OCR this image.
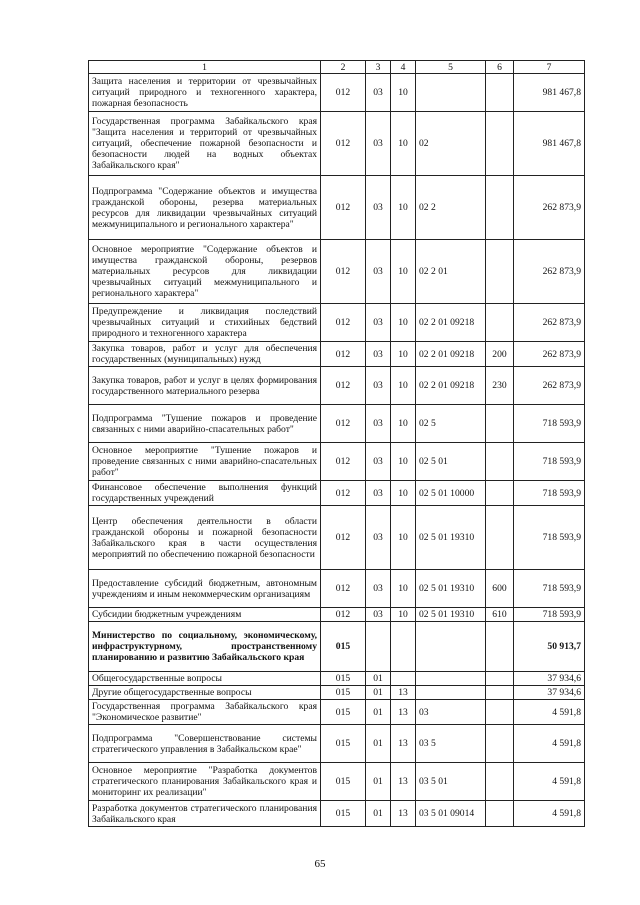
1	2	3	4	5	6	7
Защита населения и территории от чрезвычайных ситуаций природного и техногенного характера, пожарная безопасность	012	03	10			981 467,8
Государственная программа Забайкальского края "Защита населения и территорий от чрезвычайных ситуаций, обеспечение пожарной безопасности и безопасности людей на водных объектах Забайкальского края"	012	03	10	02		981 467,8
Подпрограмма "Содержание объектов и имущества гражданской обороны, резерва материальных ресурсов для ликвидации чрезвычайных ситуаций межмуниципального и регионального характера"	012	03	10	02 2		262 873,9
Основное мероприятие "Содержание объектов и имущества гражданской обороны, резервов материальных ресурсов для ликвидации чрезвычайных ситуаций межмуниципального и регионального характера"	012	03	10	02 2 01		262 873,9
Предупреждение и ликвидация последствий чрезвычайных ситуаций и стихийных бедствий природного и техногенного характера	012	03	10	02 2 01 09218		262 873,9
Закупка товаров, работ и услуг для обеспечения государственных (муниципальных) нужд	012	03	10	02 2 01 09218	200	262 873,9
Закупка товаров, работ и услуг в целях формирования государственного материального резерва	012	03	10	02 2 01 09218	230	262 873,9
Подпрограмма "Тушение пожаров и проведение связанных с ними аварийно-спасательных работ"	012	03	10	02 5		718 593,9
Основное мероприятие "Тушение пожаров и проведение связанных с ними аварийно-спасательных работ"	012	03	10	02 5 01		718 593,9
Финансовое обеспечение выполнения функций государственных учреждений	012	03	10	02 5 01 10000		718 593,9
Центр обеспечения деятельности в области гражданской обороны и пожарной безопасности Забайкальского края в части осуществления мероприятий по обеспечению пожарной безопасности	012	03	10	02 5 01 19310		718 593,9
Предоставление субсидий бюджетным, автономным учреждениям и иным некоммерческим организациям	012	03	10	02 5 01 19310	600	718 593,9
Субсидии бюджетным учреждениям	012	03	10	02 5 01 19310	610	718 593,9
Министерство по социальному, экономическому, инфраструктурному, пространственному планированию и развитию Забайкальского края	015					50 913,7
Общегосударственные вопросы	015	01				37 934,6
Другие общегосударственные вопросы	015	01	13			37 934,6
Государственная программа Забайкальского края "Экономическое развитие"	015	01	13	03		4 591,8
Подпрограмма "Совершенствование системы стратегического управления в Забайкальском крае"	015	01	13	03 5		4 591,8
Основное мероприятие "Разработка документов стратегического планирования Забайкальского края и мониторинг их реализации"	015	01	13	03 5 01		4 591,8
Разработка документов стратегического планирования Забайкальского края	015	01	13	03 5 01 09014		4 591,8
65
